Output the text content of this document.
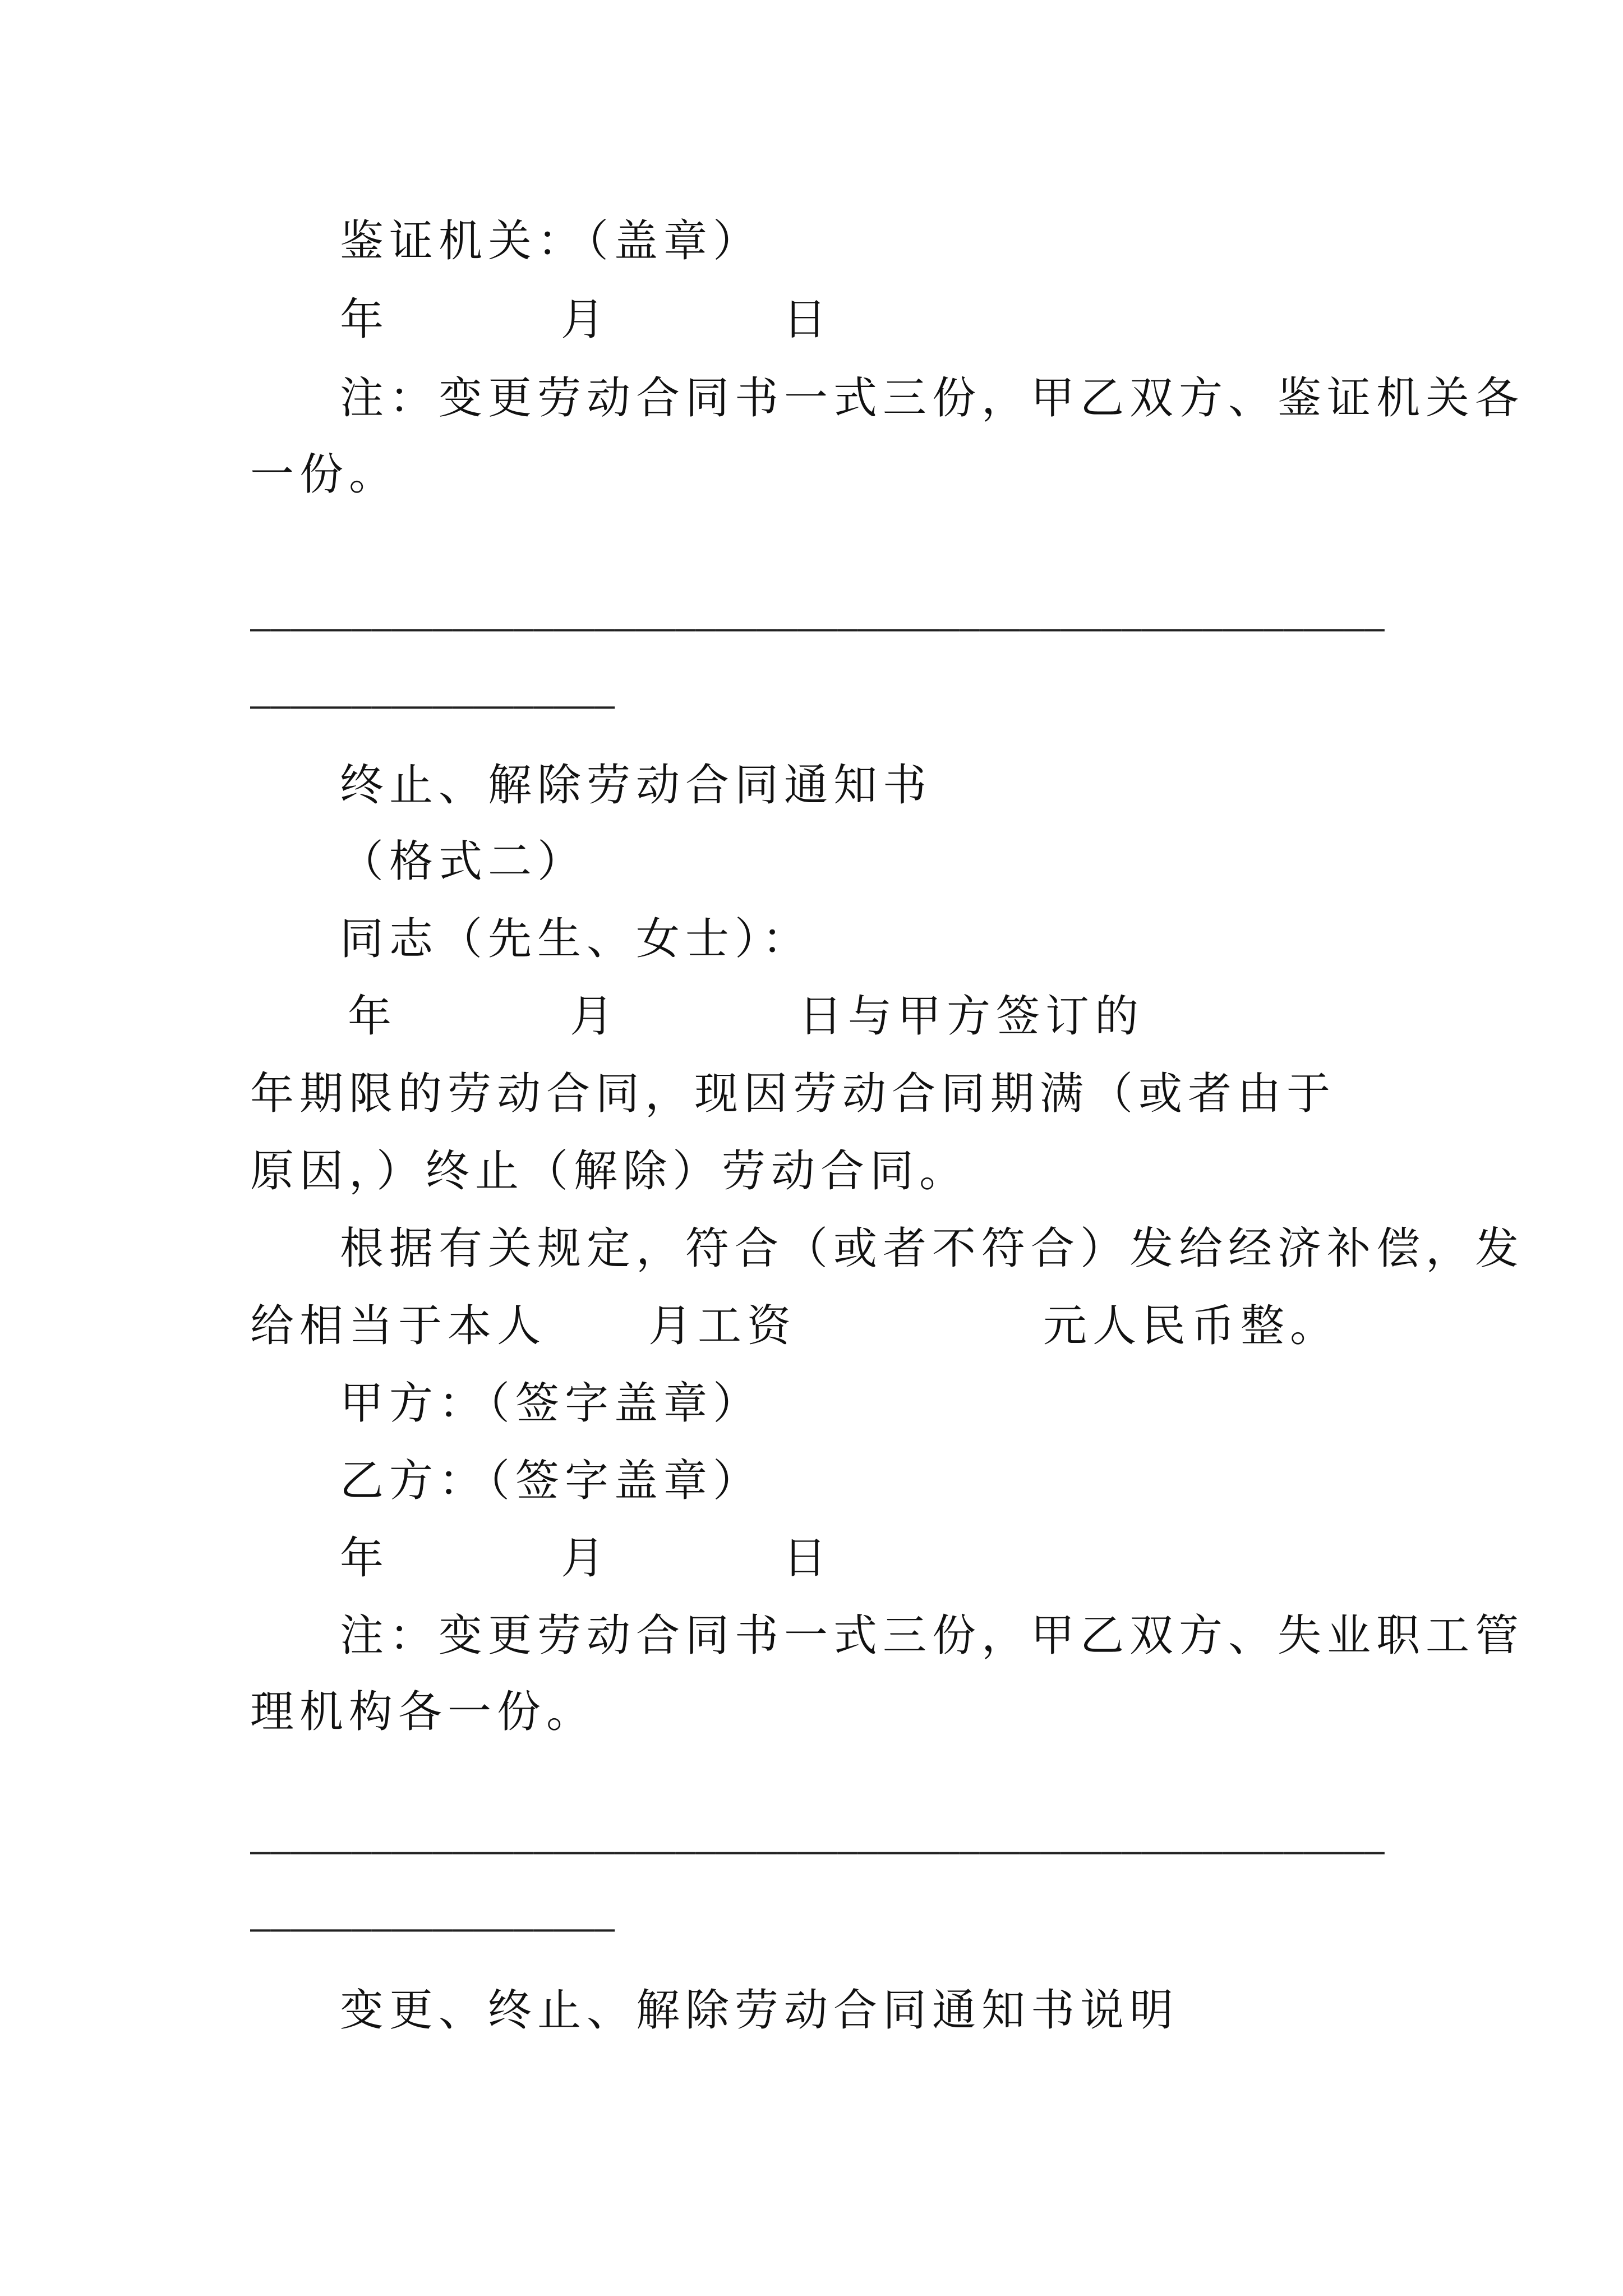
鉴证机关：（盖章）
年	月	日
注：变更劳动合同书一式三份，甲乙双方、鉴证机关各
一份。
————————————————————————————————————————————————————————
——————————————————
终止、解除劳动合同通知书
（格式二）
同志（先生、女士）：
年	月	日与甲方签订的
年期限的劳动合同，现因劳动合同期满（或者由于
原因，）终止（解除）劳动合同。
根据有关规定，符合（或者不符合）发给经济补偿，发
给相当于本人 月工资	元人民币整。
甲方：（签字盖章）
乙方：（签字盖章）
年	月	日
注：变更劳动合同书一式三份，甲乙双方、失业职工管
理机构各一份。
————————————————————————————————————————————————————————
——————————————————
变更、终止、解除劳动合同通知书说明
